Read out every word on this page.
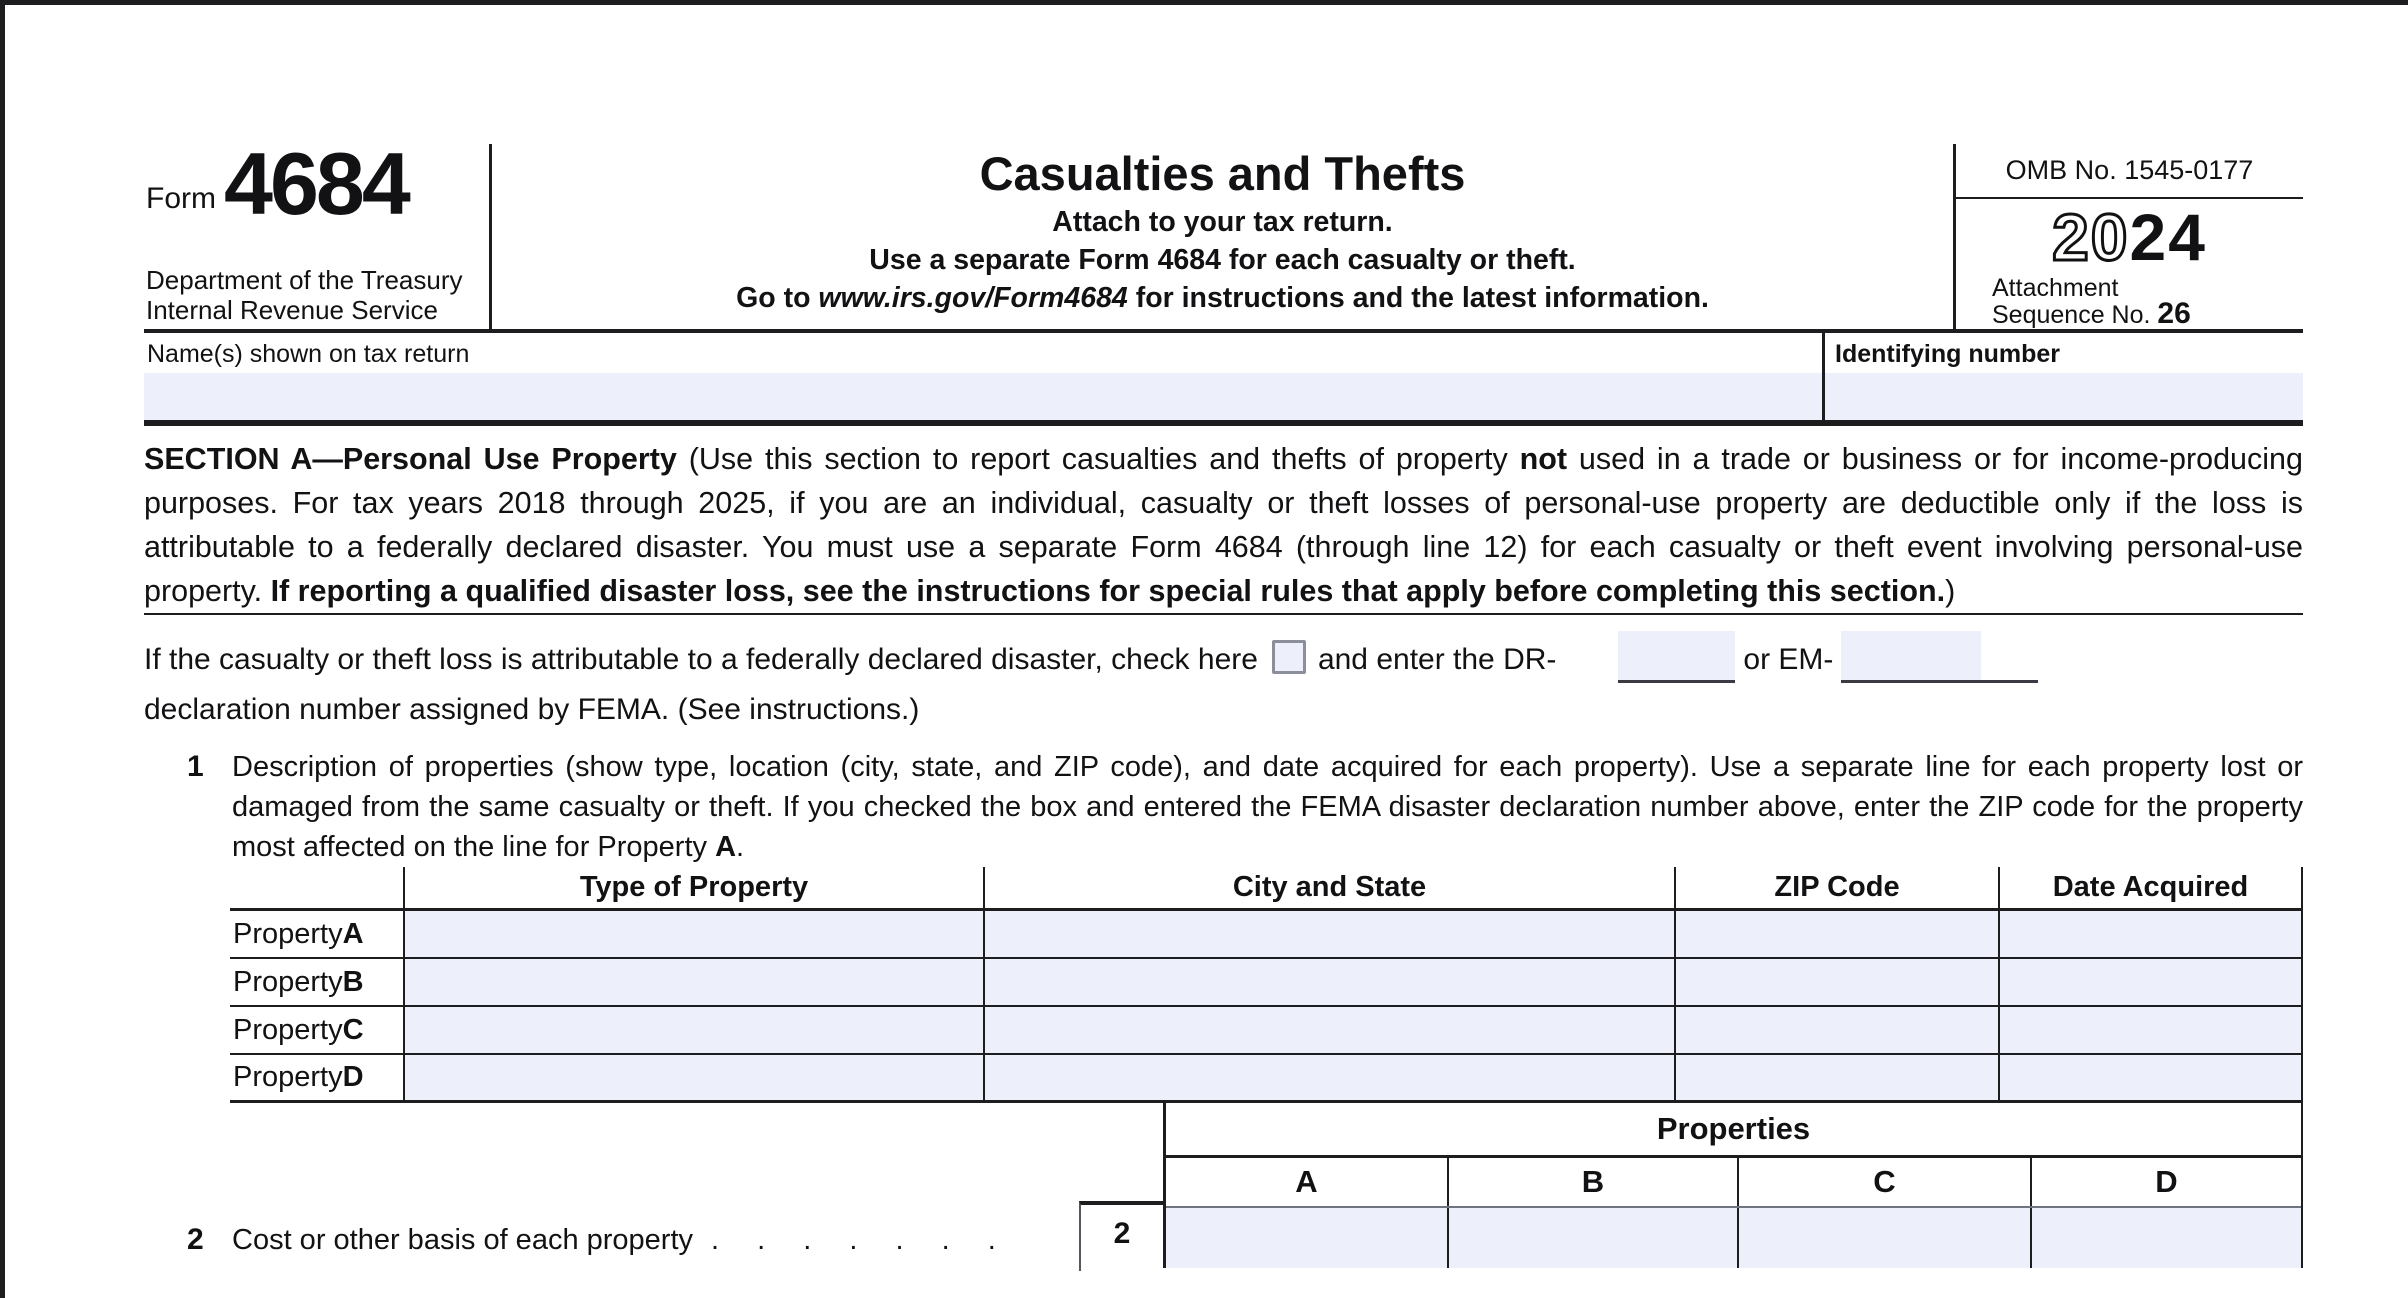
Form 4684
Department of the Treasury
Internal Revenue Service
Casualties and Thefts
Attach to your tax return.
Use a separate Form 4684 for each casualty or theft.
Go to www.irs.gov/Form4684 for instructions and the latest information.
OMB No. 1545-0177
2024
Attachment
Sequence No. 26
Name(s) shown on tax return	Identifying number
SECTION A—Personal Use Property (Use this section to report casualties and thefts of property not used in a trade or business or for income-producing purposes. For tax years 2018 through 2025, if you are an individual, casualty or theft losses of personal-use property are deductible only if the loss is attributable to a federally declared disaster. You must use a separate Form 4684 (through line 12) for each casualty or theft event involving personal-use property. If reporting a qualified disaster loss, see the instructions for special rules that apply before completing this section.)
If the casualty or theft loss is attributable to a federally declared disaster, check here and enter the DR-	or EM-
declaration number assigned by FEMA. (See instructions.)
1 Description of properties (show type, location (city, state, and ZIP code), and date acquired for each property). Use a separate line for each property lost or damaged from the same casualty or theft. If you checked the box and entered the FEMA disaster declaration number above, enter the ZIP code for the property most affected on the line for Property A.
Type of Property	City and State	ZIP Code	Date Acquired
Property A
Property B
Property C
Property D
Properties
A	B	C	D
2 Cost or other basis of each property . . . . . . .	2
